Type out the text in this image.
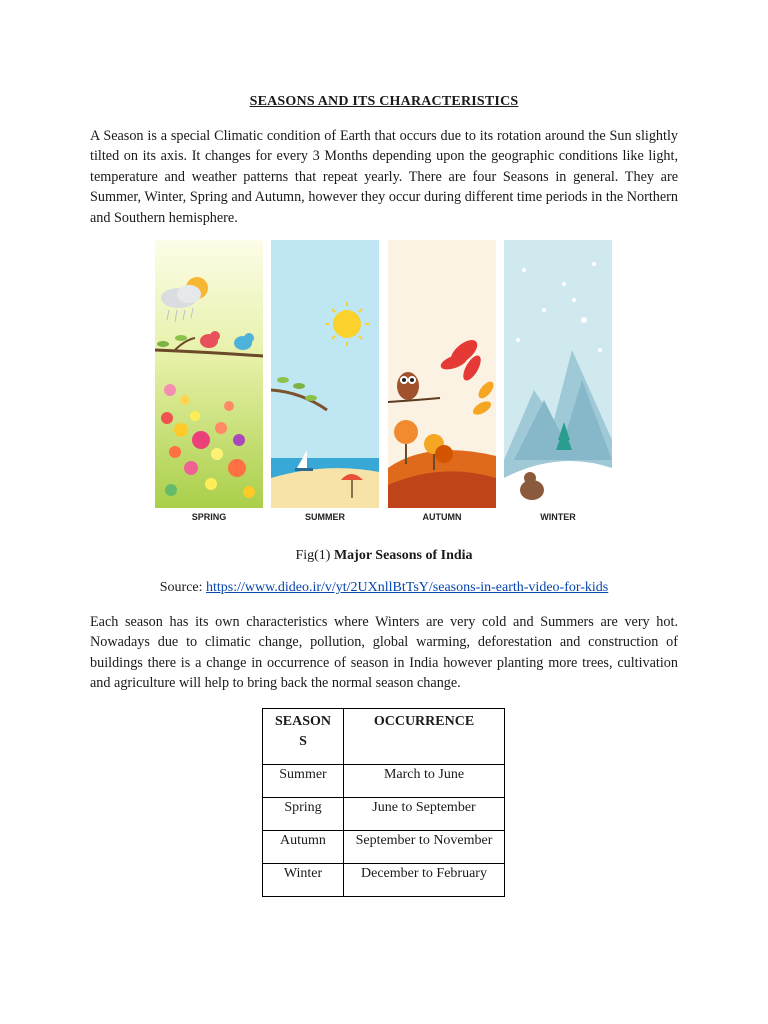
SEASONS AND ITS CHARACTERISTICS
A Season is a special Climatic condition of Earth that occurs due to its rotation around the Sun slightly tilted on its axis. It changes for every 3 Months depending upon the geographic conditions like light, temperature and weather patterns that repeat yearly. There are four Seasons in general. They are Summer, Winter, Spring and Autumn, however they occur during different time periods in the Northern and Southern hemisphere.
SPRING	SUMMER	AUTUMN	WINTER
Fig(1) Major Seasons of India
Source: https://www.dideo.ir/v/yt/2UXnllBtTsY/seasons-in-earth-video-for-kids
Each season has its own characteristics where Winters are very cold and Summers are very hot. Nowadays due to climatic change, pollution, global warming, deforestation and construction of buildings there is a change in occurrence of season in India however planting more trees, cultivation and agriculture will help to bring back the normal season change.
SEASON
S	OCCURRENCE
Summer	March to June
Spring	June to September
Autumn	September to November
Winter	December to February
